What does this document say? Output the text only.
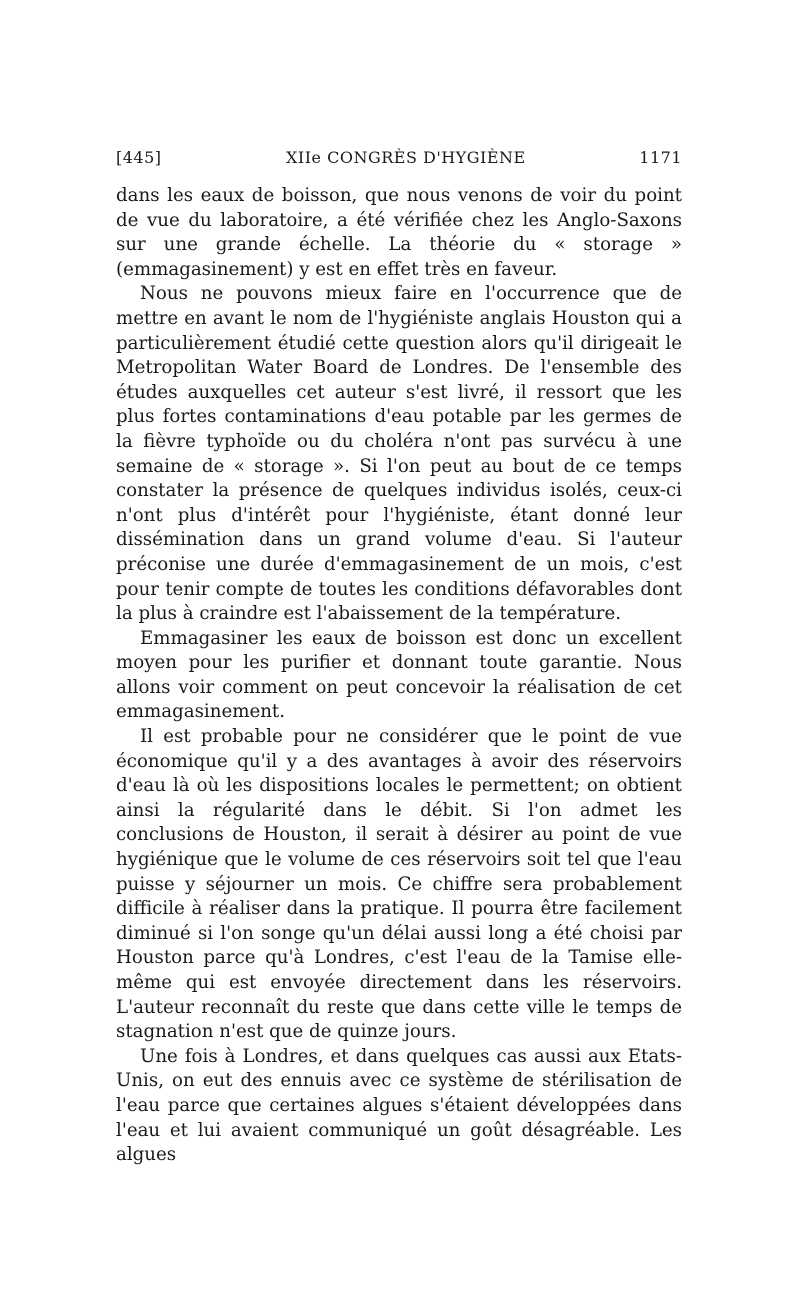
[445]	XIIe CONGRÈS D'HYGIÈNE	1171

dans les eaux de boisson, que nous venons de voir du point de vue du laboratoire, a été vérifiée chez les Anglo-Saxons sur une grande échelle. La théorie du « storage » (emmagasinement) y est en effet très en faveur.

Nous ne pouvons mieux faire en l'occurrence que de mettre en avant le nom de l'hygiéniste anglais Houston qui a particulièrement étudié cette question alors qu'il dirigeait le Metropolitan Water Board de Londres. De l'ensemble des études auxquelles cet auteur s'est livré, il ressort que les plus fortes contaminations d'eau potable par les germes de la fièvre typhoïde ou du choléra n'ont pas survécu à une semaine de « storage ». Si l'on peut au bout de ce temps constater la présence de quelques individus isolés, ceux-ci n'ont plus d'intérêt pour l'hygiéniste, étant donné leur dissémination dans un grand volume d'eau. Si l'auteur préconise une durée d'emmagasinement de un mois, c'est pour tenir compte de toutes les conditions défavorables dont la plus à craindre est l'abaissement de la température.

Emmagasiner les eaux de boisson est donc un excellent moyen pour les purifier et donnant toute garantie. Nous allons voir comment on peut concevoir la réalisation de cet emmagasinement.

Il est probable pour ne considérer que le point de vue économique qu'il y a des avantages à avoir des réservoirs d'eau là où les dispositions locales le permettent; on obtient ainsi la régularité dans le débit. Si l'on admet les conclusions de Houston, il serait à désirer au point de vue hygiénique que le volume de ces réservoirs soit tel que l'eau puisse y séjourner un mois. Ce chiffre sera probablement difficile à réaliser dans la pratique. Il pourra être facilement diminué si l'on songe qu'un délai aussi long a été choisi par Houston parce qu'à Londres, c'est l'eau de la Tamise elle-même qui est envoyée directement dans les réservoirs. L'auteur reconnaît du reste que dans cette ville le temps de stagnation n'est que de quinze jours.

Une fois à Londres, et dans quelques cas aussi aux Etats-Unis, on eut des ennuis avec ce système de stérilisation de l'eau parce que certaines algues s'étaient développées dans l'eau et lui avaient communiqué un goût désagréable. Les algues
